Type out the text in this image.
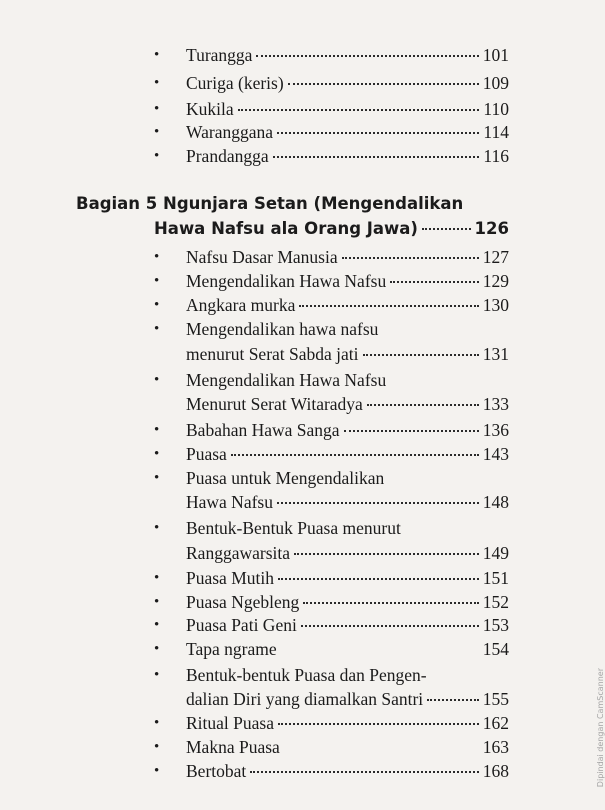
• Turangga	101
• Curiga (keris)	109
• Kukila	110
• Waranggana	114
• Prandangga	116
Bagian 5 Ngunjara Setan (Mengendalikan
Hawa Nafsu ala Orang Jawa)	126
• Nafsu Dasar Manusia	127
• Mengendalikan Hawa Nafsu	129
• Angkara murka	130
• Mengendalikan hawa nafsu
menurut Serat Sabda jati	131
• Mengendalikan Hawa Nafsu
Menurut Serat Witaradya	133
• Babahan Hawa Sanga	136
• Puasa	143
• Puasa untuk Mengendalikan
Hawa Nafsu	148
• Bentuk-Bentuk Puasa menurut
Ranggawarsita	149
• Puasa Mutih	151
• Puasa Ngebleng	152
• Puasa Pati Geni	153
• Tapa ngrame	154
• Bentuk-bentuk Puasa dan Pengen-
dalian Diri yang diamalkan Santri	155
• Ritual Puasa	162
• Makna Puasa	163
• Bertobat	168	Dipindai dengan CamScanner
